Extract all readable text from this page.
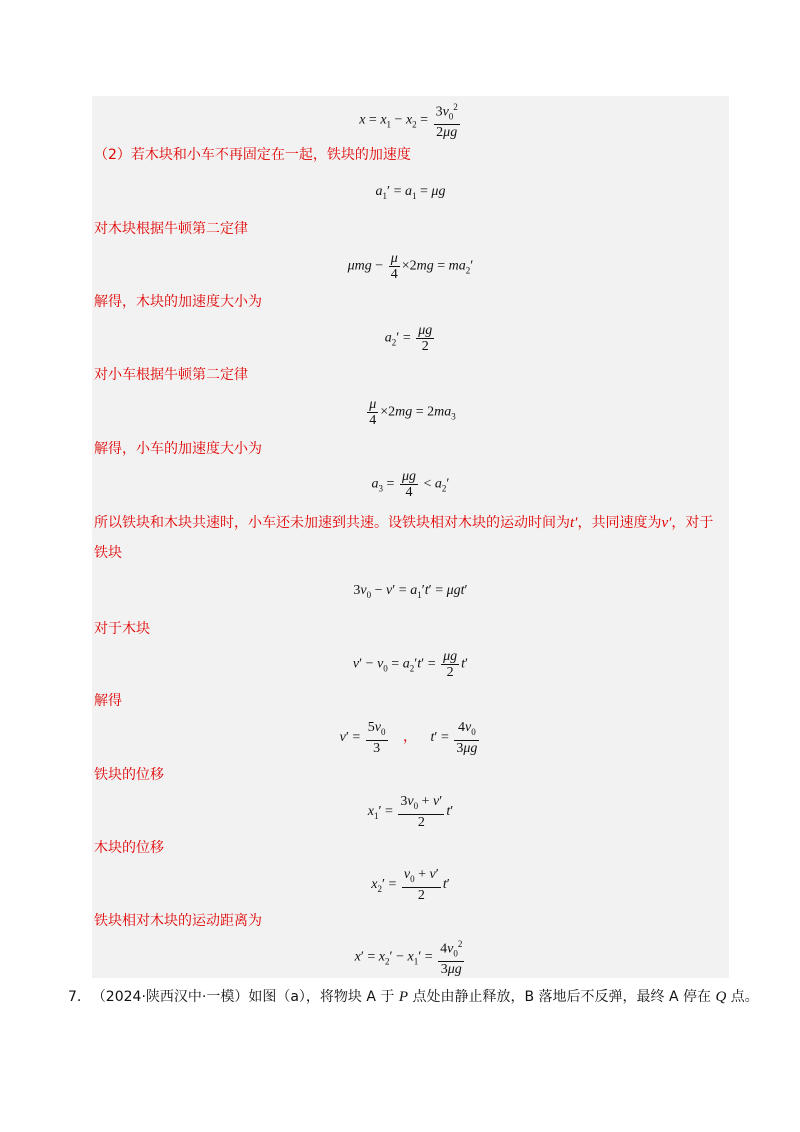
$x = x_1 - x_2 = \frac{3v_0^2}{2\mu g}$
（2）若木块和小车不再固定在一起，铁块的加速度
$a_1' = a_1 = \mu g$
对木块根据牛顿第二定律
$\mu mg - \frac{\mu}{4} \times 2mg = ma_2'$
解得，木块的加速度大小为
$a_2' = \frac{\mu g}{2}$
对小车根据牛顿第二定律
$\frac{\mu}{4} \times 2mg = 2ma_3$
解得，小车的加速度大小为
$a_3 = \frac{\mu g}{4} < a_2'$
所以铁块和木块共速时，小车还未加速到共速。设铁块相对木块的运动时间为t′，共同速度为v′，对于
铁块
$3v_0 - v' = a_1't' = \mu gt'$
对于木块
$v' - v_0 = a_2't' = \frac{\mu g}{2} t'$
解得
$v' = \frac{5v_0}{3}$ ， $t' = \frac{4v_0}{3\mu g}$
铁块的位移
$x_1' = \frac{3v_0 + v'}{2} t'$
木块的位移
$x_2' = \frac{v_0 + v'}{2} t'$
铁块相对木块的运动距离为
$x' = x_2' - x_1' = \frac{4v_0^2}{3\mu g}$
7. （2024·陕西汉中·一模）如图（a），将物块 A 于 P 点处由静止释放，B 落地后不反弹，最终 A 停在 Q 点。
